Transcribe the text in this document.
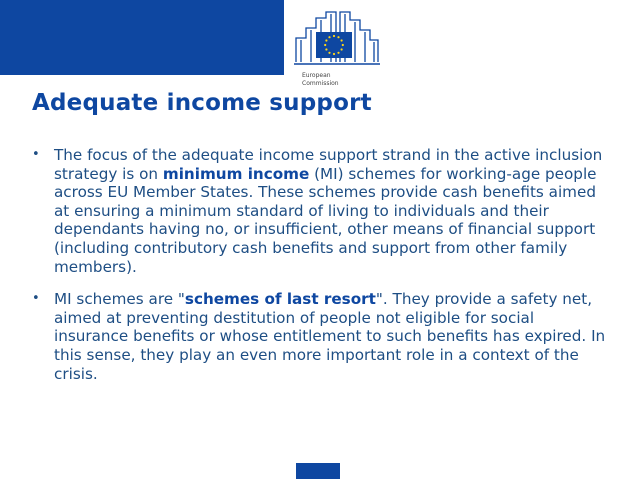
European
Commission
Adequate income support
• The focus of the adequate income support strand in the active inclusion strategy is on minimum income (MI) schemes for working-age people across EU Member States. These schemes provide cash benefits aimed at ensuring a minimum standard of living to individuals and their dependants having no, or insufficient, other means of financial support (including contributory cash benefits and support from other family members).
• MI schemes are "schemes of last resort". They provide a safety net, aimed at preventing destitution of people not eligible for social insurance benefits or whose entitlement to such benefits has expired. In this sense, they play an even more important role in a context of the crisis.
